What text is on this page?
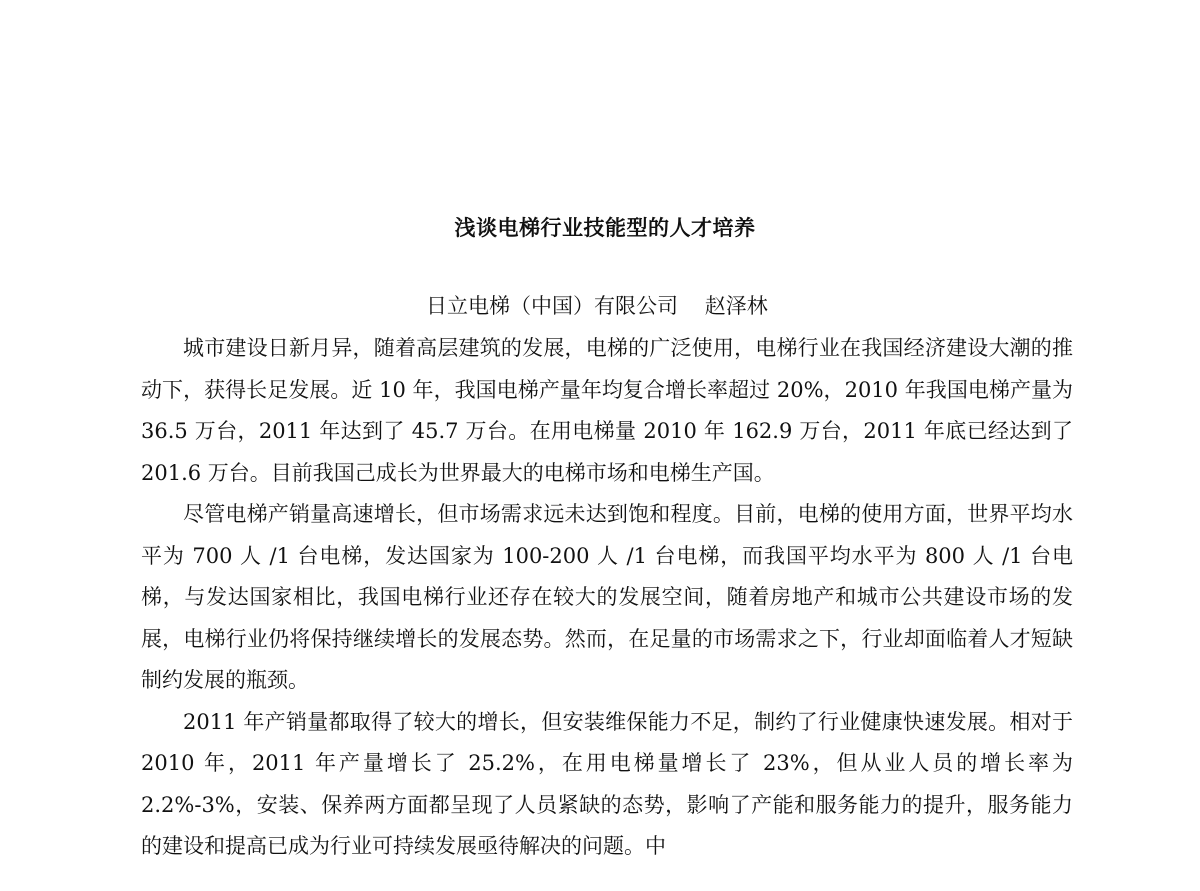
浅谈电梯行业技能型的人才培养
日立电梯（中国）有限公司 赵泽林

城市建设日新月异，随着高层建筑的发展，电梯的广泛使用，电梯行业在我国经济建设大潮的推动下，获得长足发展。近 10 年，我国电梯产量年均复合增长率超过 20%，2010 年我国电梯产量为 36.5 万台，2011 年达到了 45.7 万台。在用电梯量 2010 年 162.9 万台，2011 年底已经达到了 201.6 万台。目前我国己成长为世界最大的电梯市场和电梯生产国。

尽管电梯产销量高速增长，但市场需求远未达到饱和程度。目前，电梯的使用方面，世界平均水平为 700 人 /1 台电梯，发达国家为 100-200 人 /1 台电梯，而我国平均水平为 800 人 /1 台电梯，与发达国家相比，我国电梯行业还存在较大的发展空间，随着房地产和城市公共建设市场的发展，电梯行业仍将保持继续增长的发展态势。然而，在足量的市场需求之下，行业却面临着人才短缺制约发展的瓶颈。

2011 年产销量都取得了较大的增长，但安装维保能力不足，制约了行业健康快速发展。相对于 2010 年，2011 年产量增长了 25.2%，在用电梯量增长了 23%，但从业人员的增长率为 2.2%-3%，安装、保养两方面都呈现了人员紧缺的态势，影响了产能和服务能力的提升，服务能力的建设和提高已成为行业可持续发展亟待解决的问题。中
